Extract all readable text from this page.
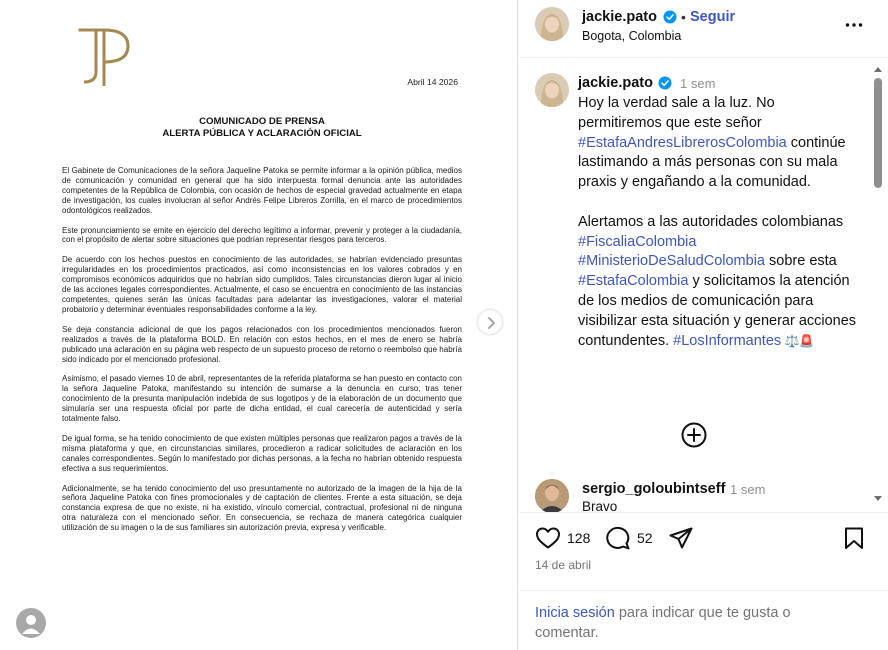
Abril 14 2026
COMUNICADO DE PRENSA
ALERTA PÚBLICA Y ACLARACIÓN OFICIAL

El Gabinete de Comunicaciones de la señora Jaqueline Patoka se permite informar a la opinión pública, medios de comunicación y comunidad en general que ha sido interpuesta formal denuncia ante las autoridades competentes de la República de Colombia, con ocasión de hechos de especial gravedad actualmente en etapa de investigación, los cuales involucran al señor Andrés Felipe Libreros Zorrilla, en el marco de procedimientos odontológicos realizados.

Este pronunciamiento se emite en ejercicio del derecho legítimo a informar, prevenir y proteger a la ciudadanía, con el propósito de alertar sobre situaciones que podrían representar riesgos para terceros.

De acuerdo con los hechos puestos en conocimiento de las autoridades, se habrían evidenciado presuntas irregularidades en los procedimientos practicados, así como inconsistencias en los valores cobrados y en compromisos económicos adquiridos que no habrían sido cumplidos. Tales circunstancias dieron lugar al inicio de las acciones legales correspondientes. Actualmente, el caso se encuentra en conocimiento de las instancias competentes, quienes serán las únicas facultadas para adelantar las investigaciones, valorar el material probatorio y determinar eventuales responsabilidades conforme a la ley.

Se deja constancia adicional de que los pagos relacionados con los procedimientos mencionados fueron realizados a través de la plataforma BOLD. En relación con estos hechos, en el mes de enero se habría publicado una aclaración en su página web respecto de un supuesto proceso de retorno o reembolso que habría sido indicado por el mencionado profesional.

Asimismo, el pasado viernes 10 de abril, representantes de la referida plataforma se han puesto en contacto con la señora Jaqueline Patoka, manifestando su intención de sumarse a la denuncia en curso, tras tener conocimiento de la presunta manipulación indebida de sus logotipos y de la elaboración de un documento que simularía ser una respuesta oficial por parte de dicha entidad, el cual carecería de autenticidad y sería totalmente falso.

De igual forma, se ha tenido conocimiento de que existen múltiples personas que realizaron pagos a través de la misma plataforma y que, en circunstancias similares, procedieron a radicar solicitudes de aclaración en los canales correspondientes. Según lo manifestado por dichas personas, a la fecha no habrían obtenido respuesta efectiva a sus requerimientos.

Adicionalmente, se ha tenido conocimiento del uso presuntamente no autorizado de la imagen de la hija de la señora Jaqueline Patoka con fines promocionales y de captación de clientes. Frente a esta situación, se deja constancia expresa de que no existe, ni ha existido, vínculo comercial, contractual, profesional ni de ninguna otra naturaleza con el mencionado señor. En consecuencia, se rechaza de manera categórica cualquier utilización de su imagen o la de sus familiares sin autorización previa, expresa y verificable.

jackie.pato • Seguir
Bogota, Colombia
jackie.pato 1 sem
Hoy la verdad sale a la luz. No permitiremos que este señor #EstafaAndresLibrerosColombia continúe lastimando a más personas con su mala praxis y engañando a la comunidad.

Alertamos a las autoridades colombianas #FiscaliaColombia #MinisterioDeSaludColombia sobre esta #EstafaColombia y solicitamos la atención de los medios de comunicación para visibilizar esta situación y generar acciones contundentes. #LosInformantes ⚖️🚨
sergio_goloubintseff 1 sem
Bravo
128	52
14 de abril
Inicia sesión para indicar que te gusta o comentar.
